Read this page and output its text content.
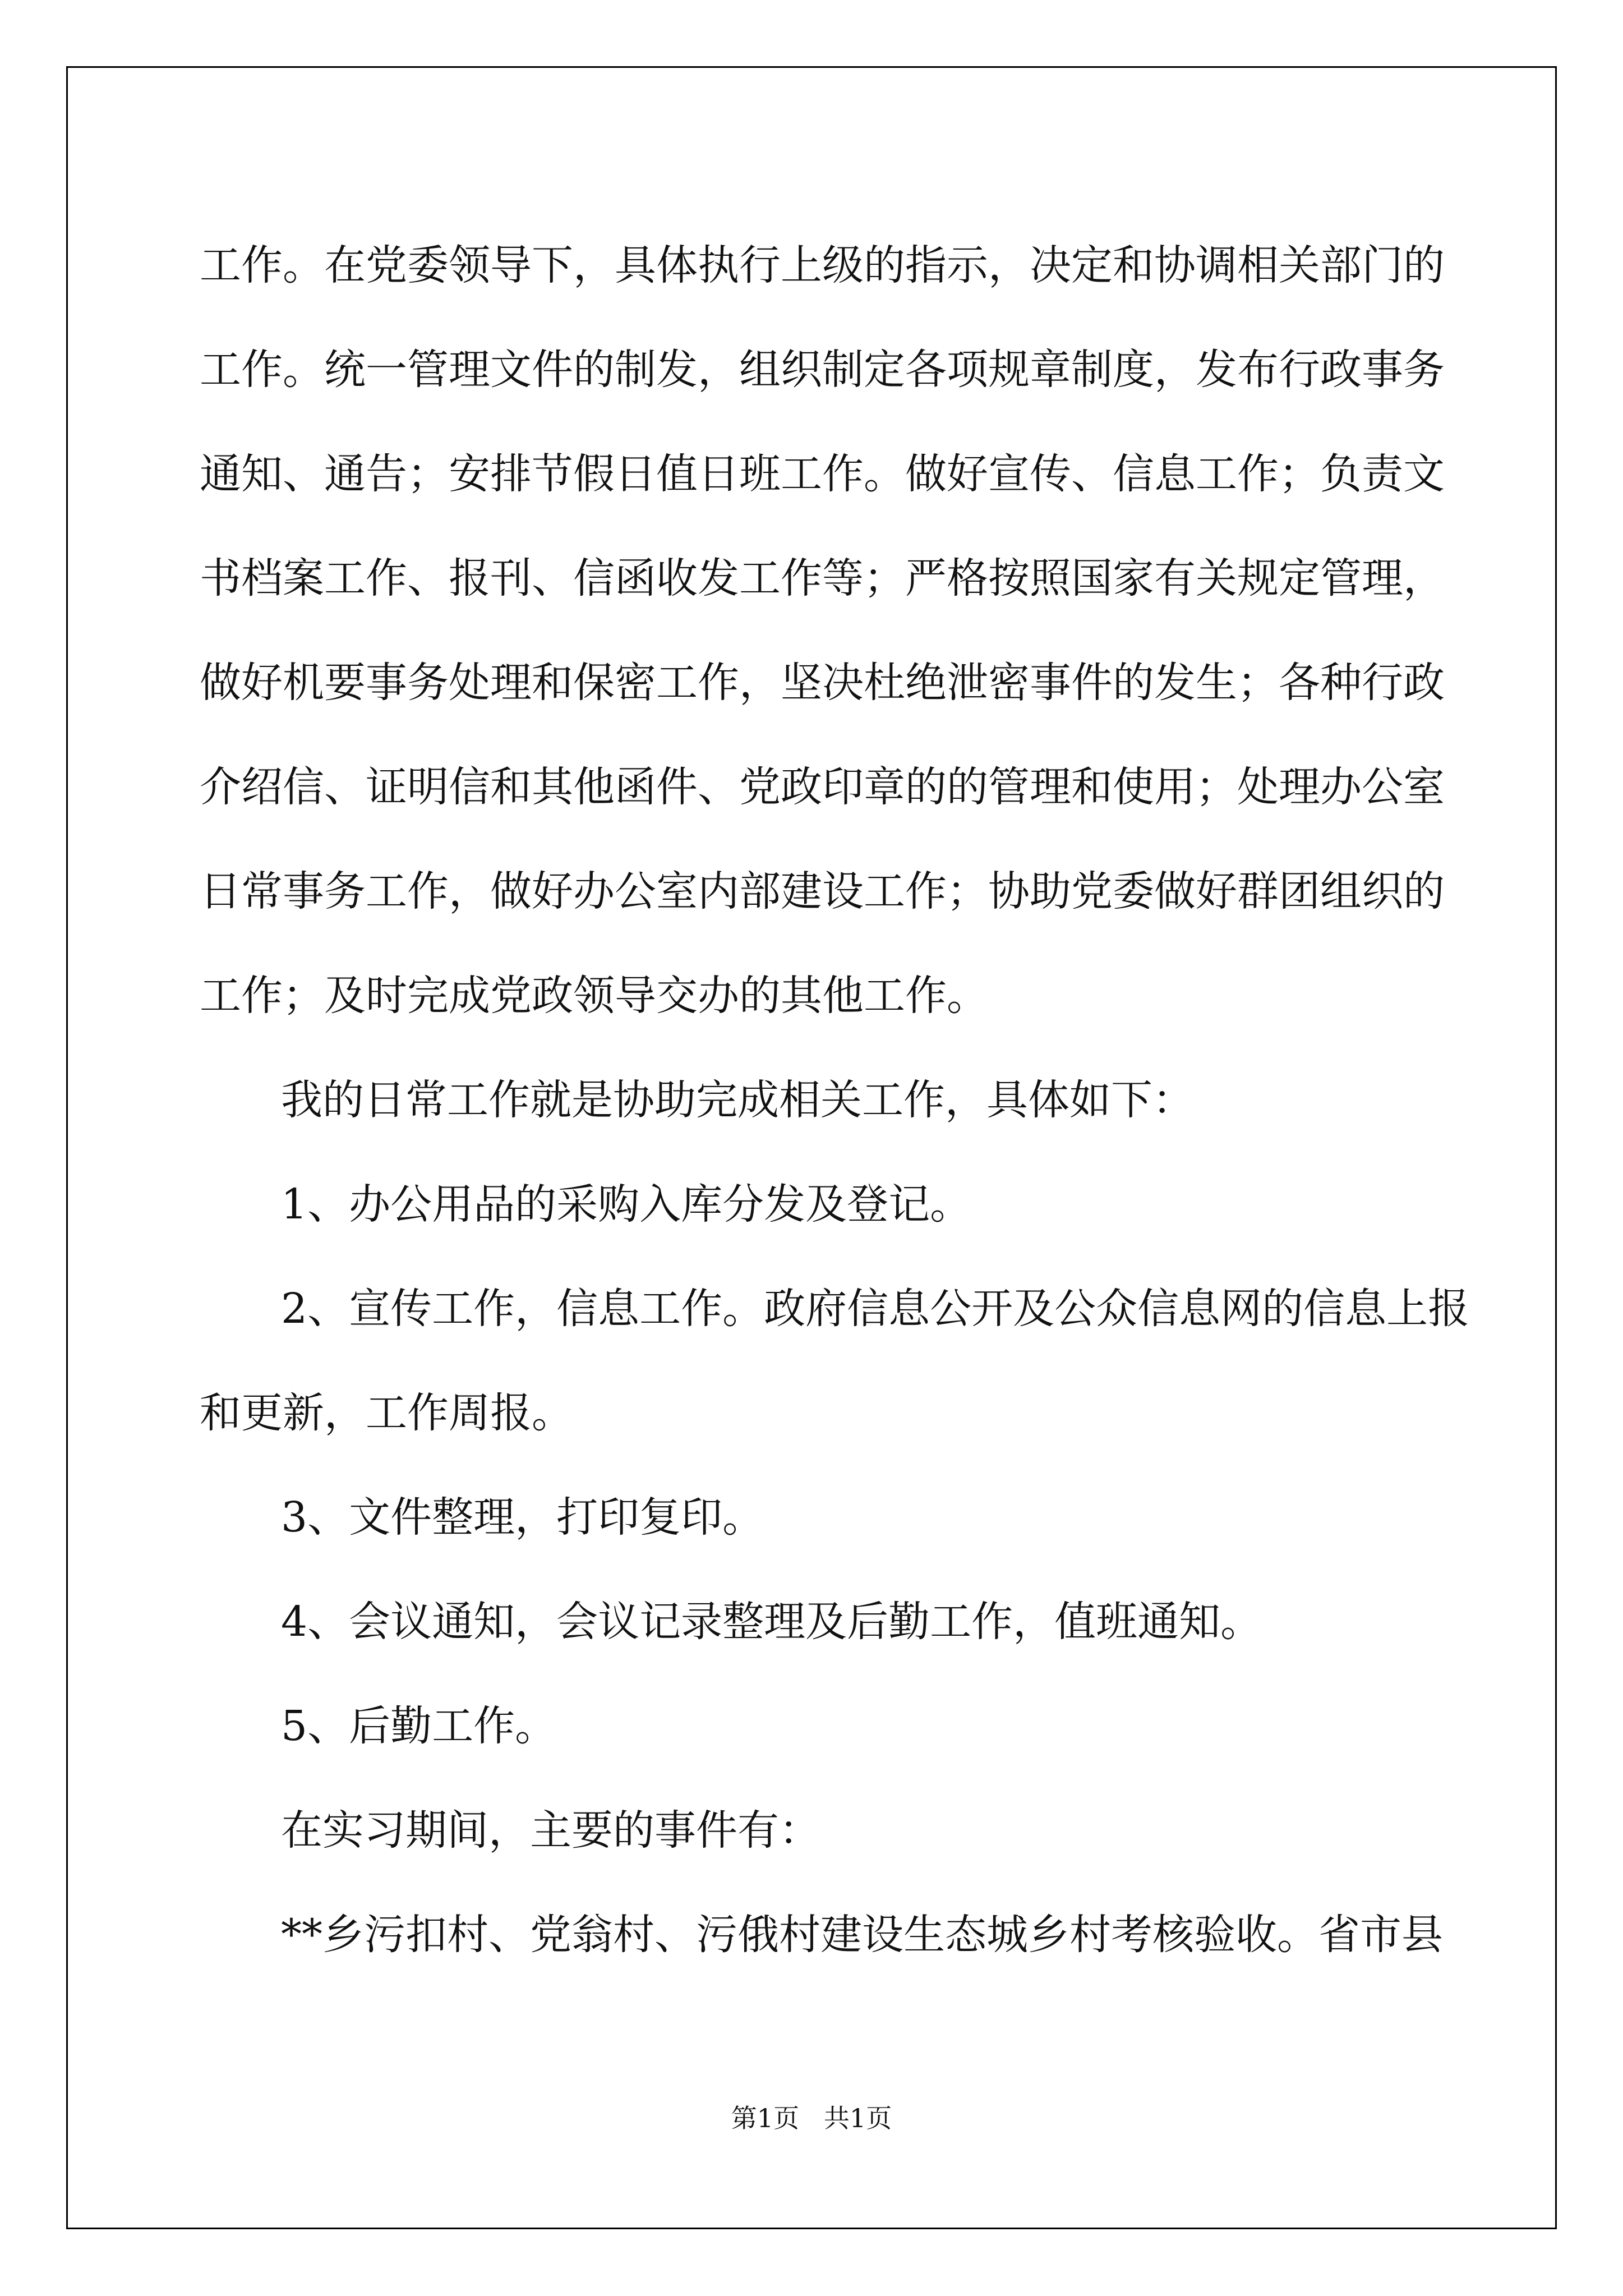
工作。在党委领导下，具体执行上级的指示，决定和协调相关部门的
工作。统一管理文件的制发，组织制定各项规章制度，发布行政事务
通知、通告；安排节假日值日班工作。做好宣传、信息工作；负责文
书档案工作、报刊、信函收发工作等；严格按照国家有关规定管理，
做好机要事务处理和保密工作，坚决杜绝泄密事件的发生；各种行政
介绍信、证明信和其他函件、党政印章的的管理和使用；处理办公室
日常事务工作，做好办公室内部建设工作；协助党委做好群团组织的
工作；及时完成党政领导交办的其他工作。
我的日常工作就是协助完成相关工作，具体如下：
1、办公用品的采购入库分发及登记。
2、宣传工作，信息工作。政府信息公开及公众信息网的信息上报
和更新，工作周报。
3、文件整理，打印复印。
4、会议通知，会议记录整理及后勤工作，值班通知。
5、后勤工作。
在实习期间，主要的事件有：
**乡污扣村、党翁村、污俄村建设生态城乡村考核验收。省市县
第1页   共1页
